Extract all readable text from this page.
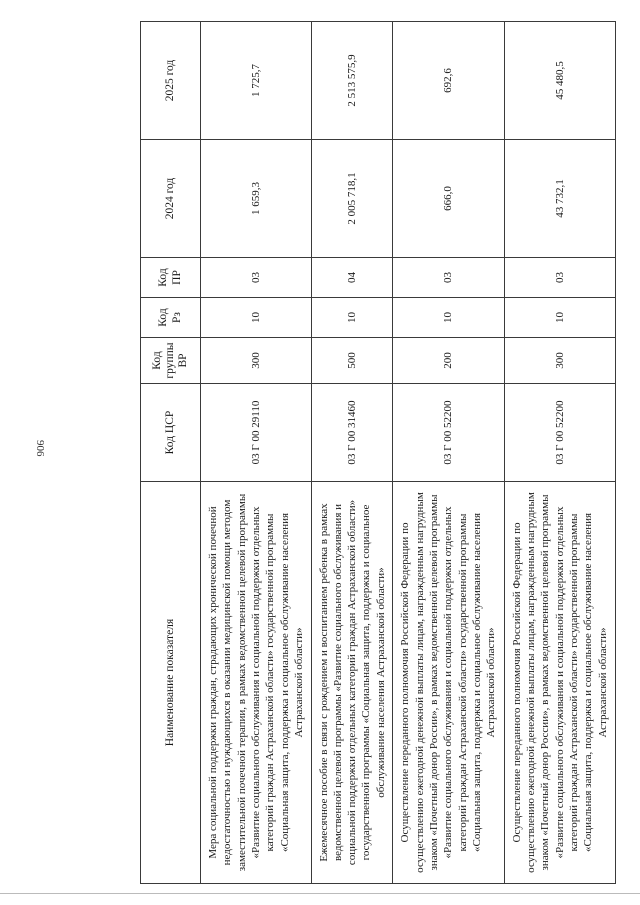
906
Наименование показателя	Код ЦСР	Код группы ВР	Код Рз	Код ПР	2024 год	2025 год
Мера социальной поддержки граждан, страдающих хронической почечной недостаточностью и нуждающихся в оказании медицинской помощи методом заместительной почечной терапии, в рамках ведомственной целевой программы «Развитие социального обслуживания и социальной поддержки отдельных категорий граждан Астраханской области» государственной программы «Социальная защита, поддержка и социальное обслуживание населения Астраханской области»	03 Г 00 29110	300	10	03	1 659,3	1 725,7
Ежемесячное пособие в связи с рождением и воспитанием ребенка в рамках ведомственной целевой программы «Развитие социального обслуживания и социальной поддержки отдельных категорий граждан Астраханской области» государственной программы «Социальная защита, поддержка и социальное обслуживание населения Астраханской области»	03 Г 00 31460	500	10	04	2 005 718,1	2 513 575,9
Осуществление переданного полномочия Российской Федерации по осуществлению ежегодной денежной выплаты лицам, награжденным нагрудным знаком «Почетный донор России», в рамках ведомственной целевой программы «Развитие социального обслуживания и социальной поддержки отдельных категорий граждан Астраханской области» государственной программы «Социальная защита, поддержка и социальное обслуживание населения Астраханской области»	03 Г 00 52200	200	10	03	666,0	692,6
Осуществление переданного полномочия Российской Федерации по осуществлению ежегодной денежной выплаты лицам, награжденным нагрудным знаком «Почетный донор России», в рамках ведомственной целевой программы «Развитие социального обслуживания и социальной поддержки отдельных категорий граждан Астраханской области» государственной программы «Социальная защита, поддержка и социальное обслуживание населения Астраханской области»	03 Г 00 52200	300	10	03	43 732,1	45 480,5
